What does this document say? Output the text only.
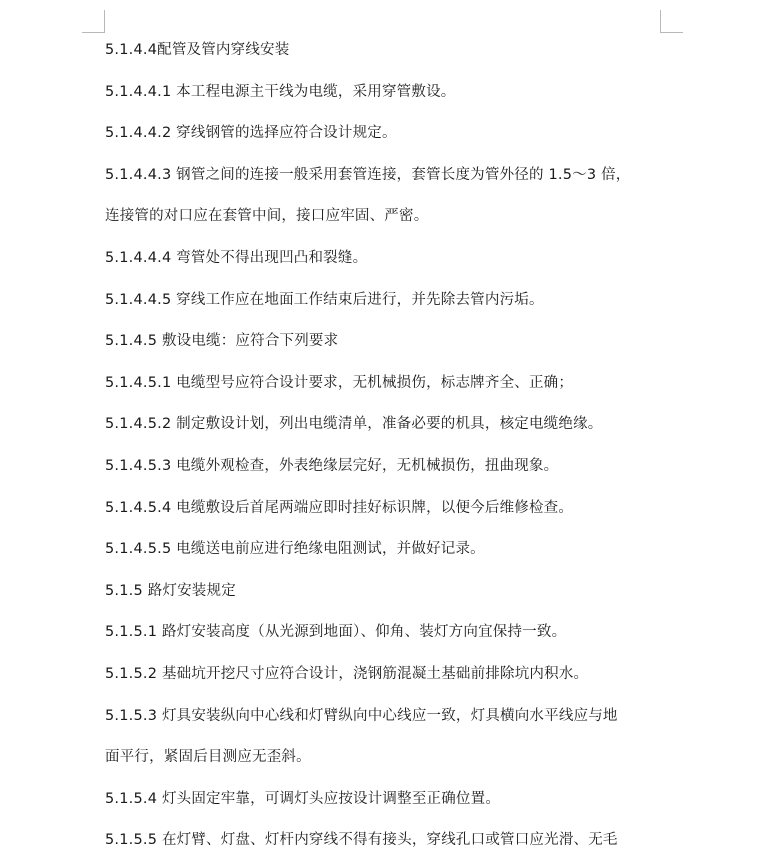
5.1.4.4配管及管内穿线安装
5.1.4.4.1 本工程电源主干线为电缆，采用穿管敷设。
5.1.4.4.2 穿线钢管的选择应符合设计规定。
5.1.4.4.3 钢管之间的连接一般采用套管连接，套管长度为管外径的 1.5～3 倍，
连接管的对口应在套管中间，接口应牢固、严密。
5.1.4.4.4 弯管处不得出现凹凸和裂缝。
5.1.4.4.5 穿线工作应在地面工作结束后进行，并先除去管内污垢。
5.1.4.5 敷设电缆：应符合下列要求
5.1.4.5.1 电缆型号应符合设计要求，无机械损伤，标志牌齐全、正确；
5.1.4.5.2 制定敷设计划，列出电缆清单，准备必要的机具，核定电缆绝缘。
5.1.4.5.3 电缆外观检查，外表绝缘层完好，无机械损伤，扭曲现象。
5.1.4.5.4 电缆敷设后首尾两端应即时挂好标识牌，以便今后维修检查。
5.1.4.5.5 电缆送电前应进行绝缘电阻测试，并做好记录。
5.1.5 路灯安装规定
5.1.5.1 路灯安装高度（从光源到地面）、仰角、装灯方向宜保持一致。
5.1.5.2 基础坑开挖尺寸应符合设计，浇钢筋混凝土基础前排除坑内积水。
5.1.5.3 灯具安装纵向中心线和灯臂纵向中心线应一致，灯具横向水平线应与地
面平行，紧固后目测应无歪斜。
5.1.5.4 灯头固定牢靠，可调灯头应按设计调整至正确位置。
5.1.5.5 在灯臂、灯盘、灯杆内穿线不得有接头，穿线孔口或管口应光滑、无毛
